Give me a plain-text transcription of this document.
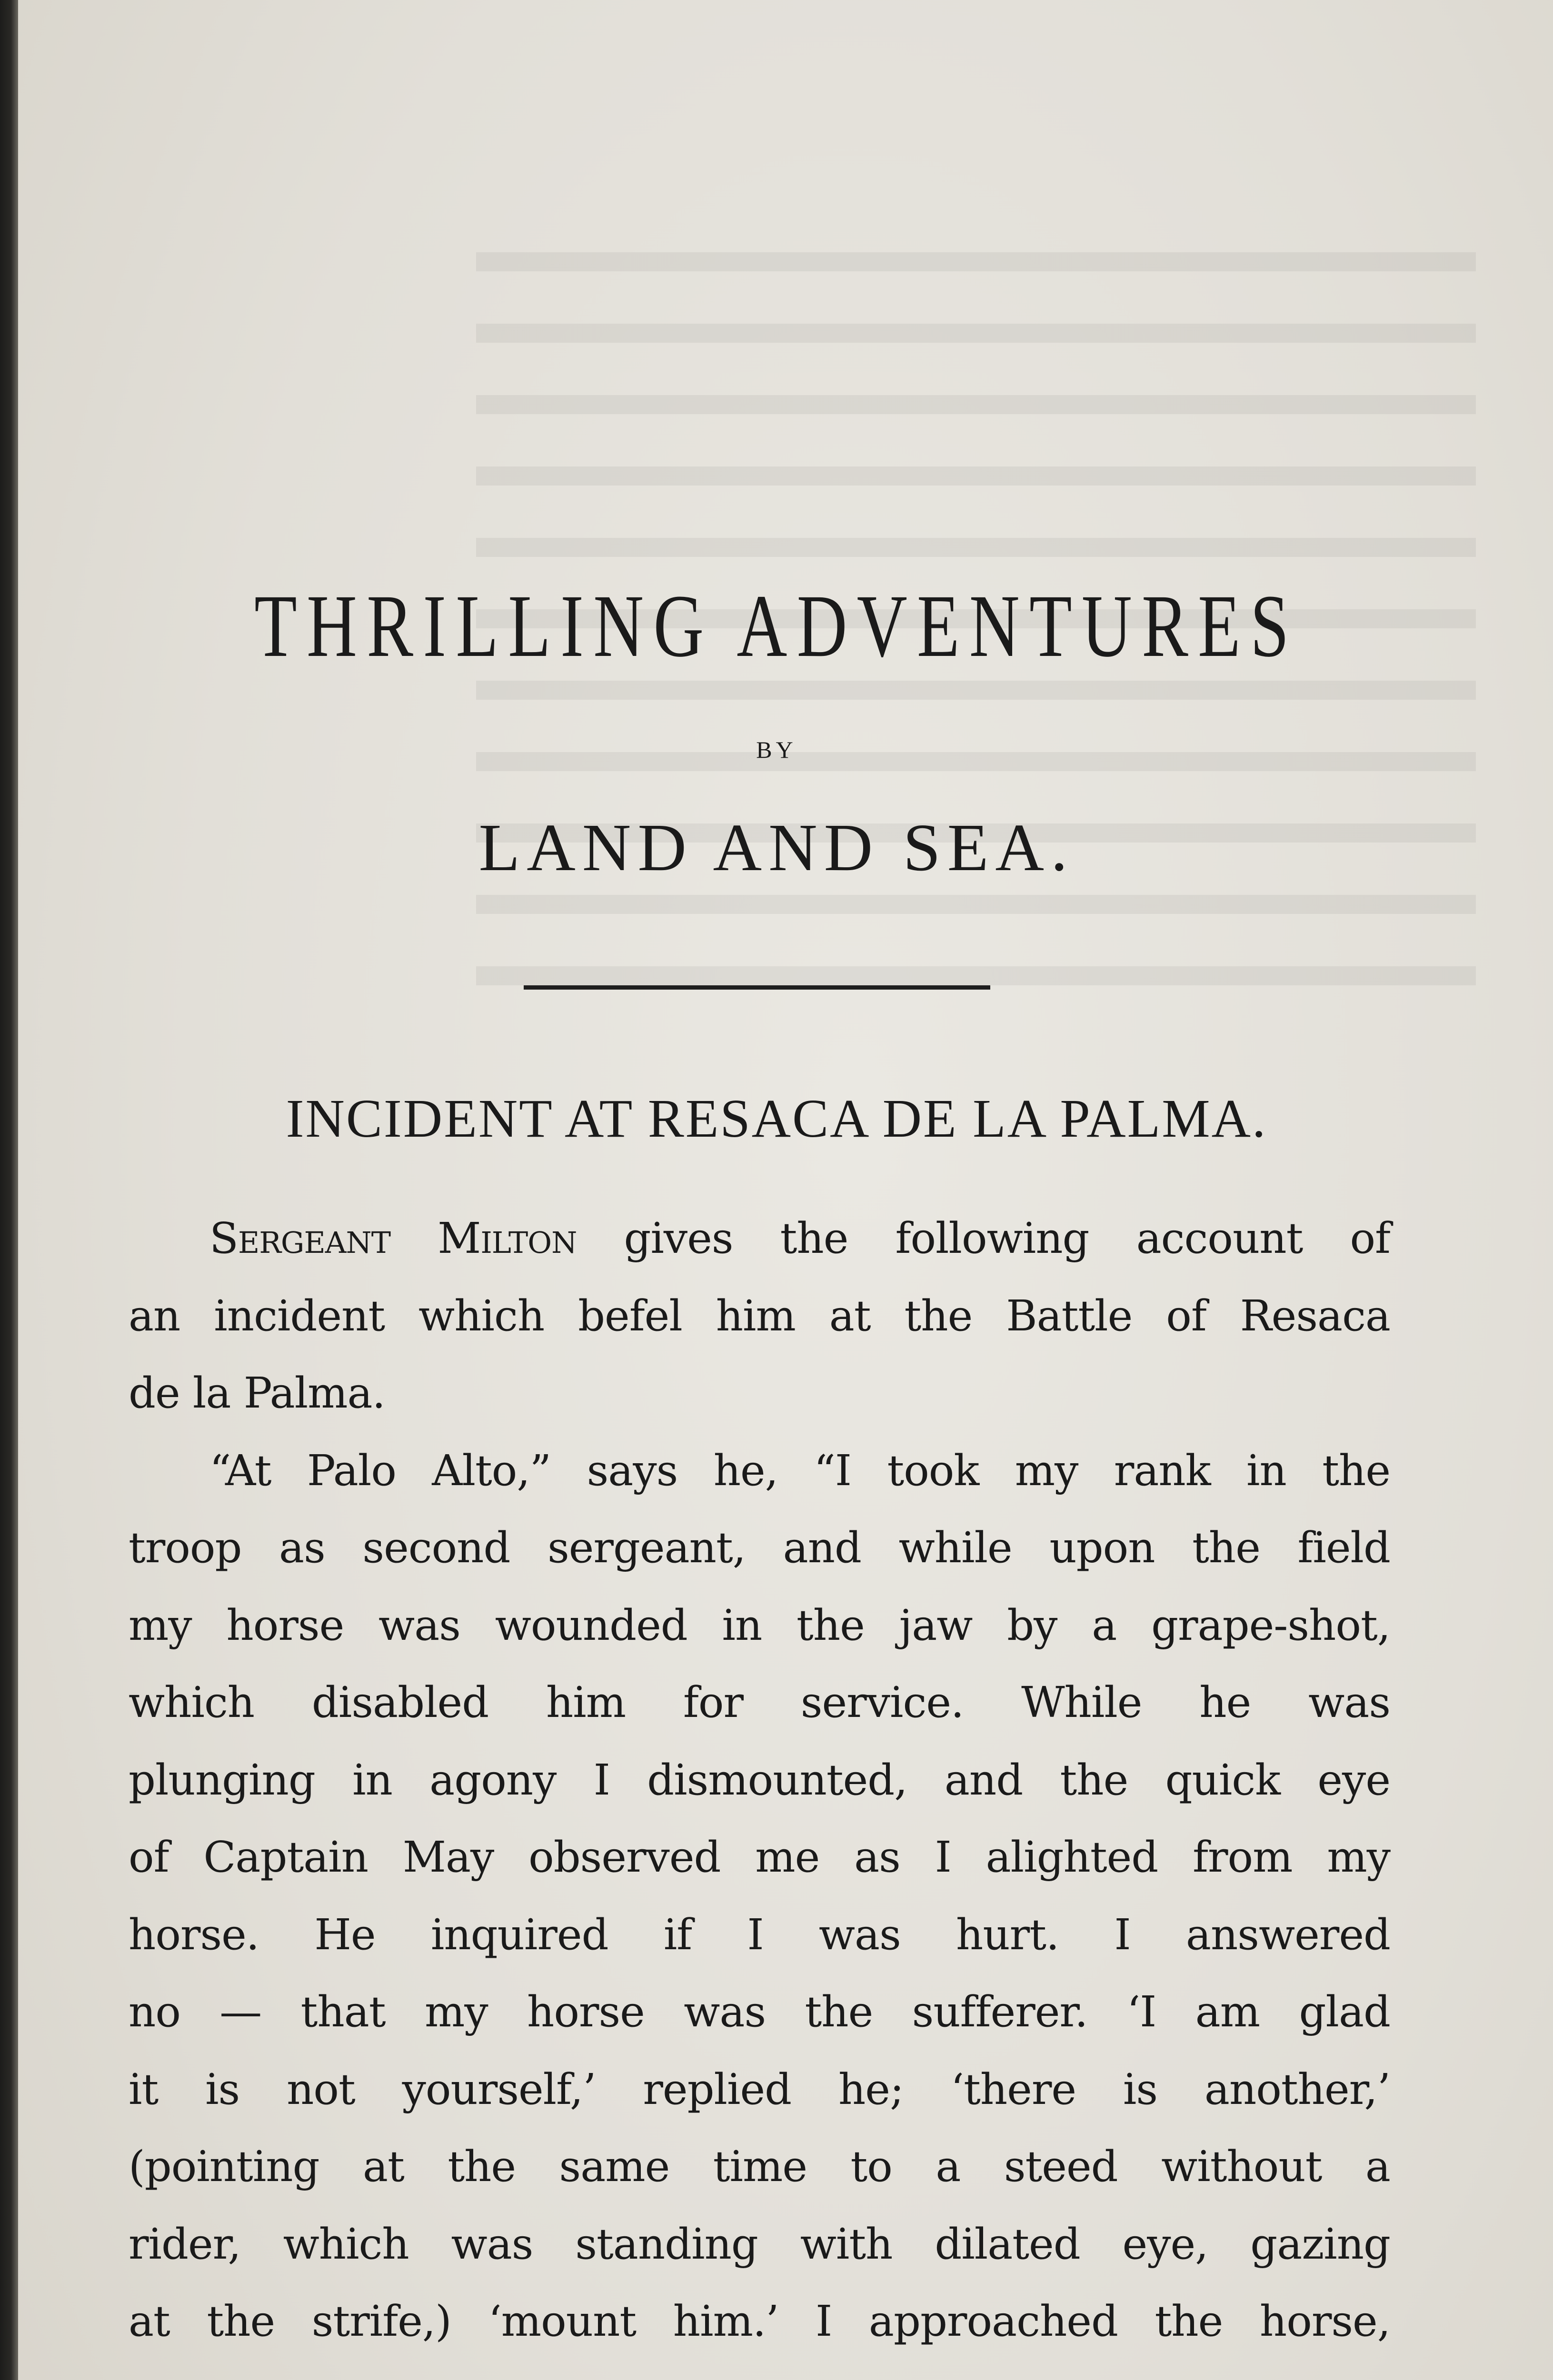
THRILLING ADVENTURES
BY
LAND AND SEA.
INCIDENT AT RESACA DE LA PALMA.
Sergeant Milton gives the following account of
an incident which befel him at the Battle of Resaca
de la Palma.
“At Palo Alto,” says he, “I took my rank in the
troop as second sergeant, and while upon the field
my horse was wounded in the jaw by a grape-shot,
which disabled him for service. While he was
plunging in agony I dismounted, and the quick eye
of Captain May observed me as I alighted from my
horse. He inquired if I was hurt. I answered
no — that my horse was the sufferer. ‘I am glad
it is not yourself,’ replied he; ‘there is another,’
(pointing at the same time to a steed without a
rider, which was standing with dilated eye, gazing
at the strife,) ‘mount him.’ I approached the horse,
